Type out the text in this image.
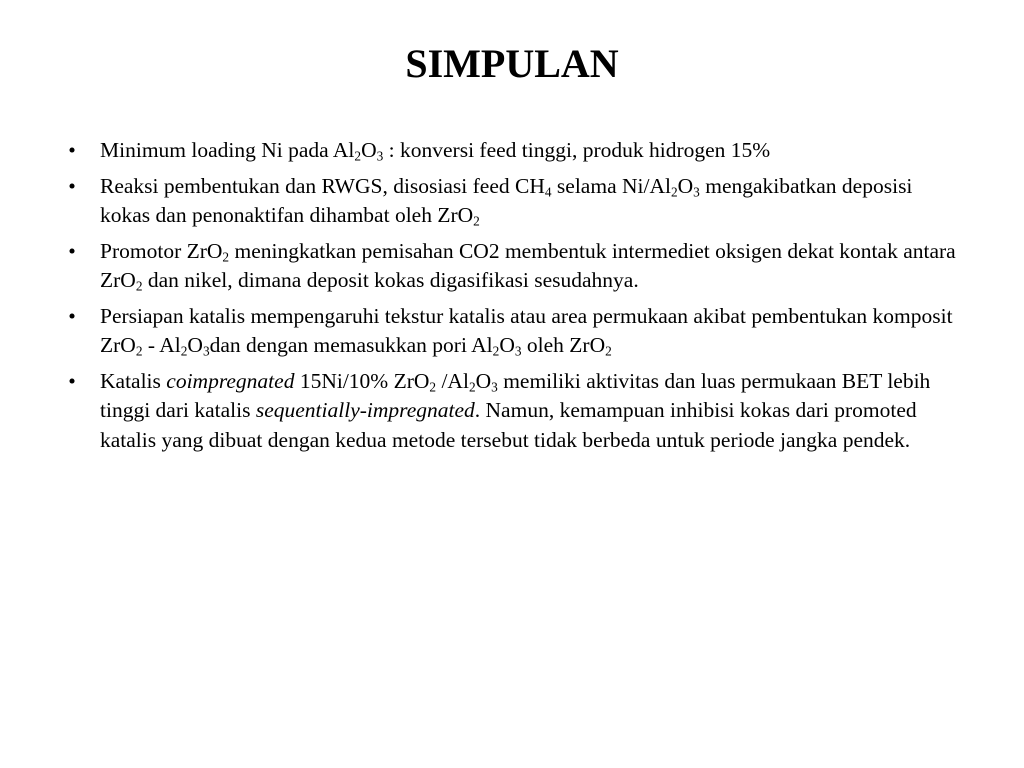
SIMPULAN
• Minimum loading Ni pada $Al_2O_3$ : konversi feed tinggi, produk hidrogen 15%
• Reaksi pembentukan dan RWGS, disosiasi feed $CH_4$ selama $Ni/Al_2O_3$ mengakibatkan deposisi kokas dan penonaktifan dihambat oleh ZrO$_2$
• Promotor ZrO$_2$ meningkatkan pemisahan CO2 membentuk intermediet oksigen dekat kontak antara ZrO$_2$ dan nikel, dimana deposit kokas digasifikasi sesudahnya.
• Persiapan katalis mempengaruhi tekstur katalis atau area permukaan akibat pembentukan komposit $ZrO_2 - Al_2O_3dan$ dengan memasukkan pori $Al_2O_3$ oleh ZrO$_2$
• Katalis coimpregnated 15Ni/10% ZrO$_2$ $/Al_2O_3$ memiliki aktivitas dan luas permukaan BET lebih tinggi dari katalis sequentially-impregnated. Namun, kemampuan inhibisi kokas dari promoted katalis yang dibuat dengan kedua metode tersebut tidak berbeda untuk periode jangka pendek.
